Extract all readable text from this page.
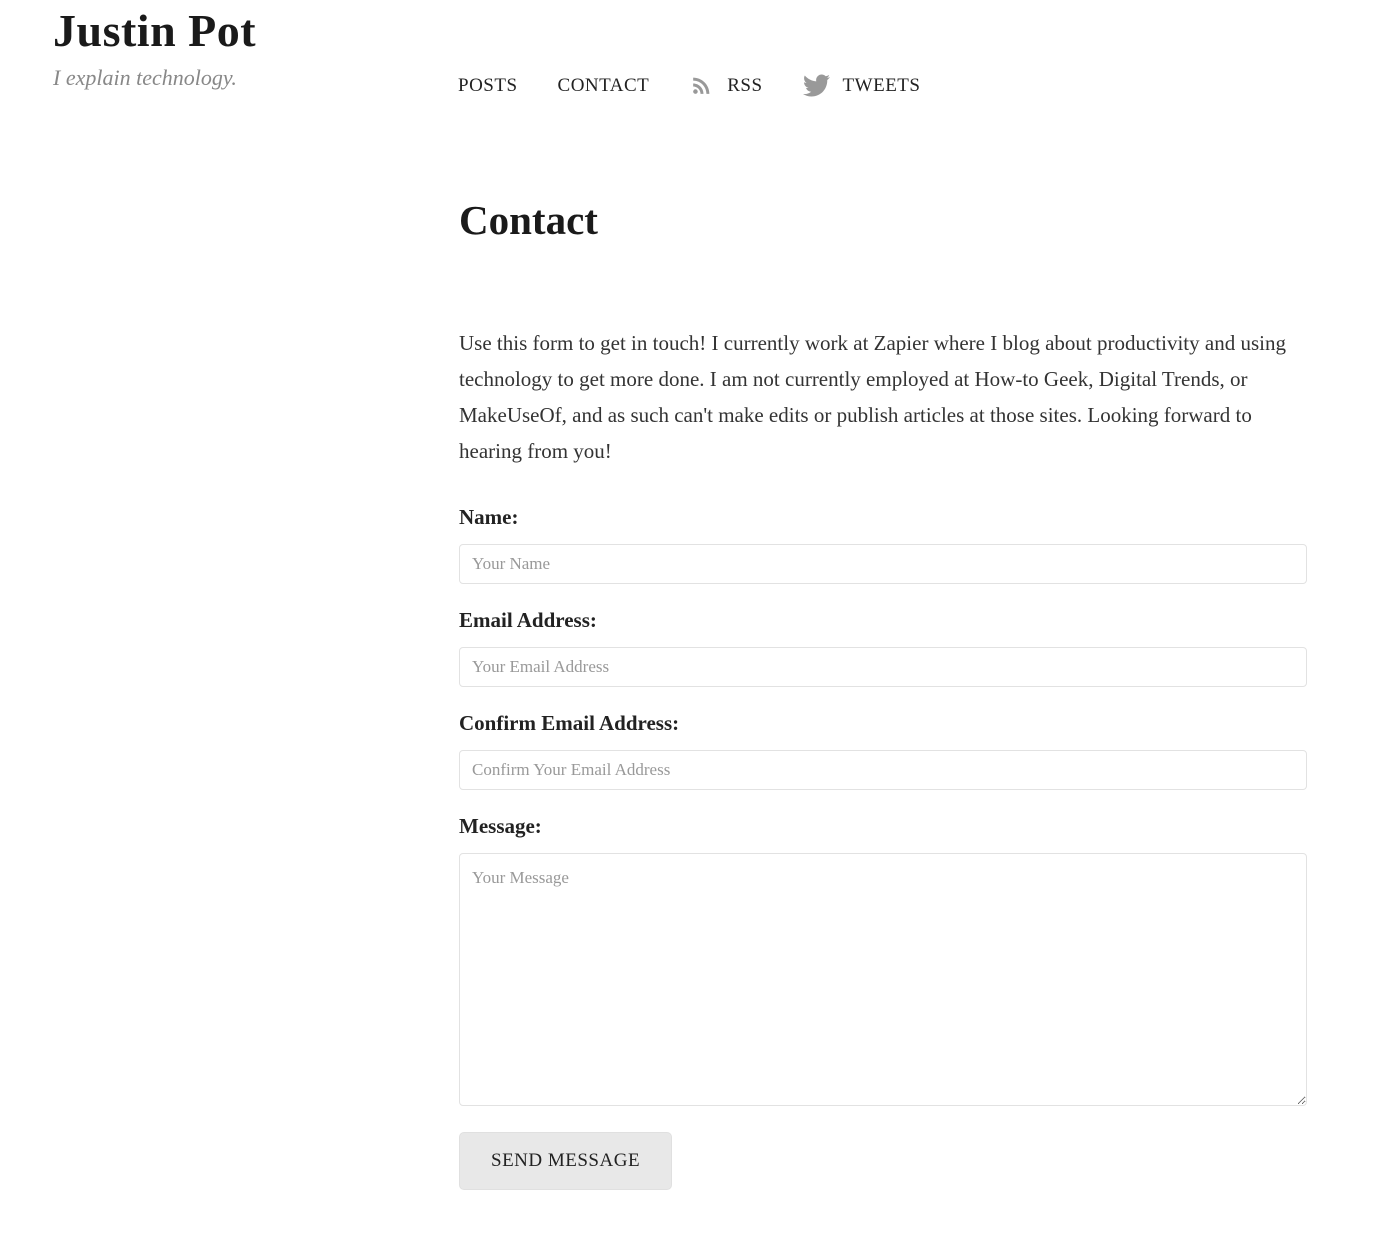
Justin Pot
I explain technology.	POSTS CONTACT	RSS	TWEETS
Contact

Use this form to get in touch! I currently work at Zapier where I blog about productivity and using technology to get more done. I am not currently employed at How-to Geek, Digital Trends, or MakeUseOf, and as such can't make edits or publish articles at those sites. Looking forward to hearing from you!

Name:
Your Name
Email Address:
Your Email Address
Confirm Email Address:
Confirm Your Email Address
Message:
Your Message SEND MESSAGE
